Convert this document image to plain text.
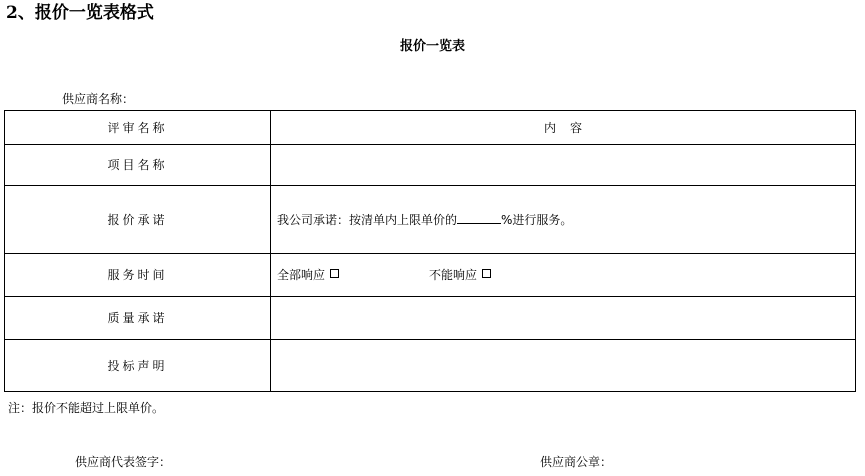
2、报价一览表格式
报价一览表
供应商名称：
评审名称	内容
项目名称	
报价承诺	我公司承诺：按清单内上限单价的 %进行服务。
服务时间	全部响应 不能响应
质量承诺	
投标声明	
注：报价不能超过上限单价。
供应商代表签字：	供应商公章：
